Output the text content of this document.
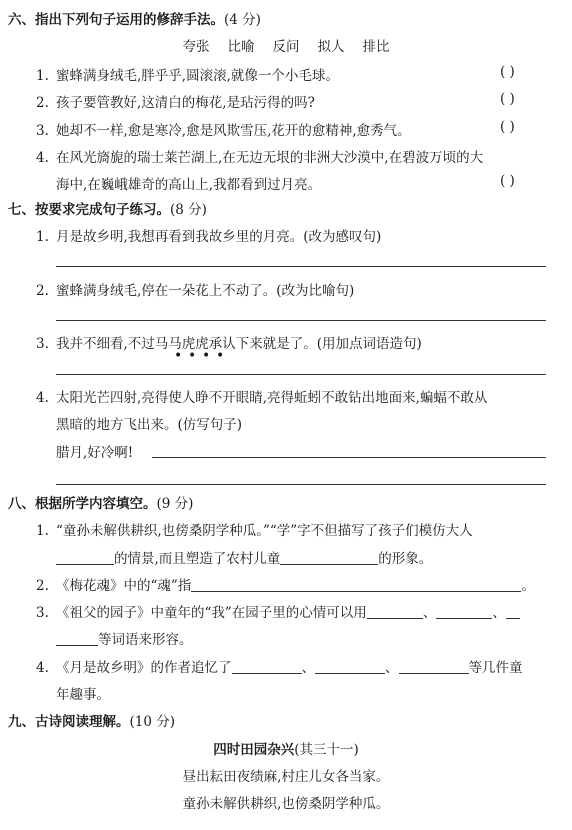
六、指出下列句子运用的修辞手法。(4 分)
夸张 比喻 反问 拟人 排比
1. 蜜蜂满身绒毛,胖乎乎,圆滚滚,就像一个小毛球。	( )
2. 孩子要管教好,这清白的梅花,是玷污得的吗?	( )
3. 她却不一样,愈是寒冷,愈是风欺雪压,花开的愈精神,愈秀气。	( )
4. 在风光旖旎的瑞士莱芒湖上,在无边无垠的非洲大沙漠中,在碧波万顷的大
海中,在巍峨雄奇的高山上,我都看到过月亮。	( )
七、按要求完成句子练习。(8 分)
1. 月是故乡明,我想再看到我故乡里的月亮。(改为感叹句)
2. 蜜蜂满身绒毛,停在一朵花上不动了。(改为比喻句)
3. 我并不细看,不过马马虎虎承认下来就是了。(用加点词语造句)
• • • •
4. 太阳光芒四射,亮得使人睁不开眼睛,亮得蚯蚓不敢钻出地面来,蝙蝠不敢从
黑暗的地方飞出来。(仿写句子)
腊月,好冷啊!
八、根据所学内容填空。(9 分)
1. “童孙未解供耕织,也傍桑阴学种瓜。”“学”字不但描写了孩子们模仿大人
的情景,而且塑造了农村儿童	的形象。
2. 《梅花魂》中的“魂”指	。
3. 《祖父的园子》中童年的“我”在园子里的心情可以用	、	、
等词语来形容。
4. 《月是故乡明》的作者追忆了	、	、	等几件童
年趣事。
九、古诗阅读理解。(10 分)
四时田园杂兴(其三十一)
昼出耘田夜绩麻,村庄儿女各当家。
童孙未解供耕织,也傍桑阴学种瓜。
